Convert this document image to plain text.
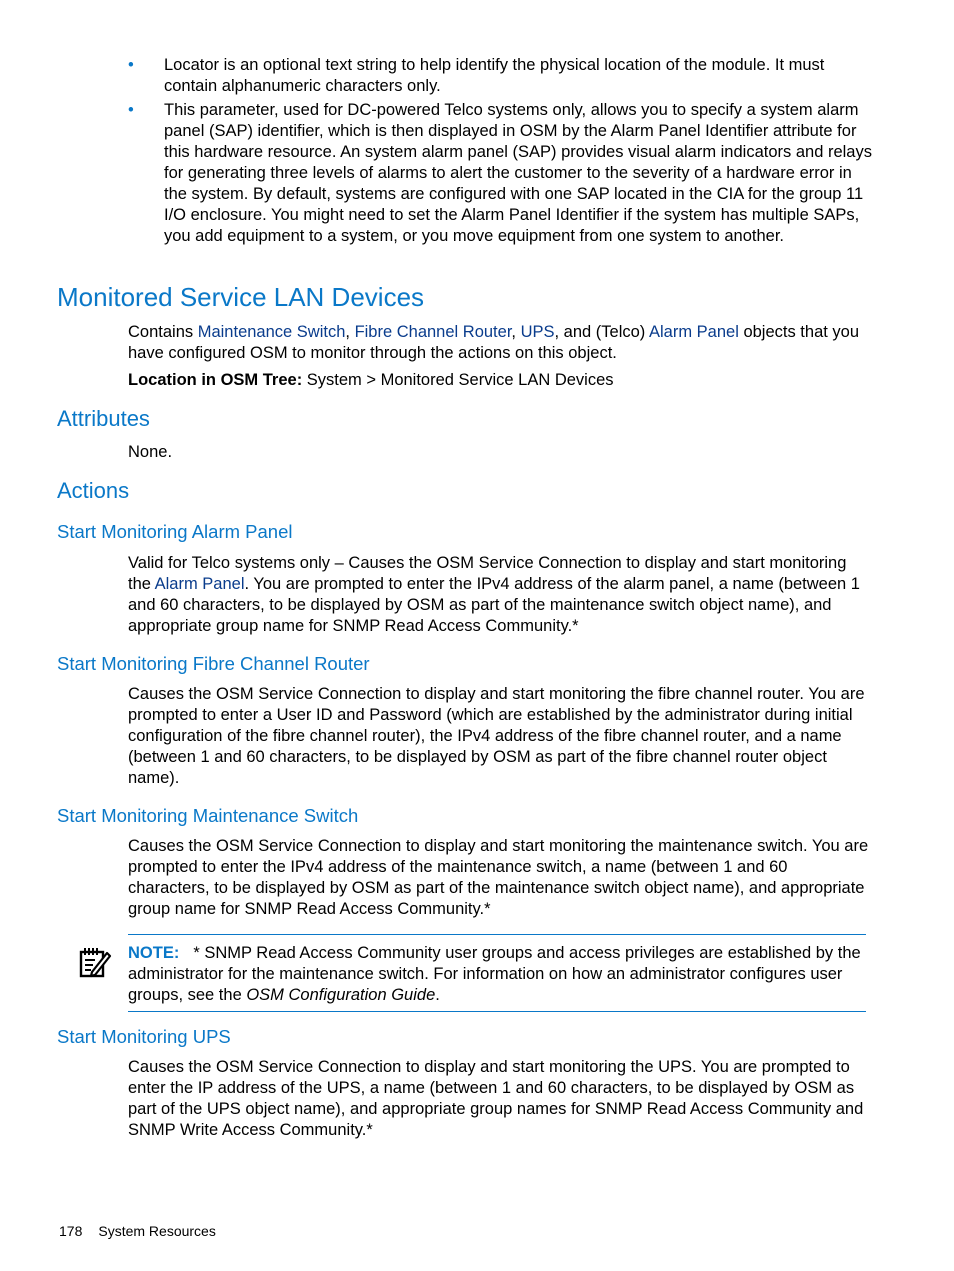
• Locator is an optional text string to help identify the physical location of the module. It must contain alphanumeric characters only.
• This parameter, used for DC-powered Telco systems only, allows you to specify a system alarm panel (SAP) identifier, which is then displayed in OSM by the Alarm Panel Identifier attribute for this hardware resource. An system alarm panel (SAP) provides visual alarm indicators and relays for generating three levels of alarms to alert the customer to the severity of a hardware error in the system. By default, systems are configured with one SAP located in the CIA for the group 11 I/O enclosure. You might need to set the Alarm Panel Identifier if the system has multiple SAPs, you add equipment to a system, or you move equipment from one system to another.
Monitored Service LAN Devices

Contains Maintenance Switch, Fibre Channel Router, UPS, and (Telco) Alarm Panel objects that you have configured OSM to monitor through the actions on this object.

Location in OSM Tree: System > Monitored Service LAN Devices

Attributes

None.

Actions
Start Monitoring Alarm Panel

Valid for Telco systems only – Causes the OSM Service Connection to display and start monitoring the Alarm Panel. You are prompted to enter the IPv4 address of the alarm panel, a name (between 1 and 60 characters, to be displayed by OSM as part of the maintenance switch object name), and appropriate group name for SNMP Read Access Community.*

Start Monitoring Fibre Channel Router

Causes the OSM Service Connection to display and start monitoring the fibre channel router. You are prompted to enter a User ID and Password (which are established by the administrator during initial configuration of the fibre channel router), the IPv4 address of the fibre channel router, and a name (between 1 and 60 characters, to be displayed by OSM as part of the fibre channel router object name).

Start Monitoring Maintenance Switch

Causes the OSM Service Connection to display and start monitoring the maintenance switch. You are prompted to enter the IPv4 address of the maintenance switch, a name (between 1 and 60 characters, to be displayed by OSM as part of the maintenance switch object name), and appropriate group name for SNMP Read Access Community.*

NOTE: * SNMP Read Access Community user groups and access privileges are established by the administrator for the maintenance switch. For information on how an administrator configures user groups, see the OSM Configuration Guide.

Start Monitoring UPS

Causes the OSM Service Connection to display and start monitoring the UPS. You are prompted to enter the IP address of the UPS, a name (between 1 and 60 characters, to be displayed by OSM as part of the UPS object name), and appropriate group names for SNMP Read Access Community and SNMP Write Access Community.*

178 System Resources
